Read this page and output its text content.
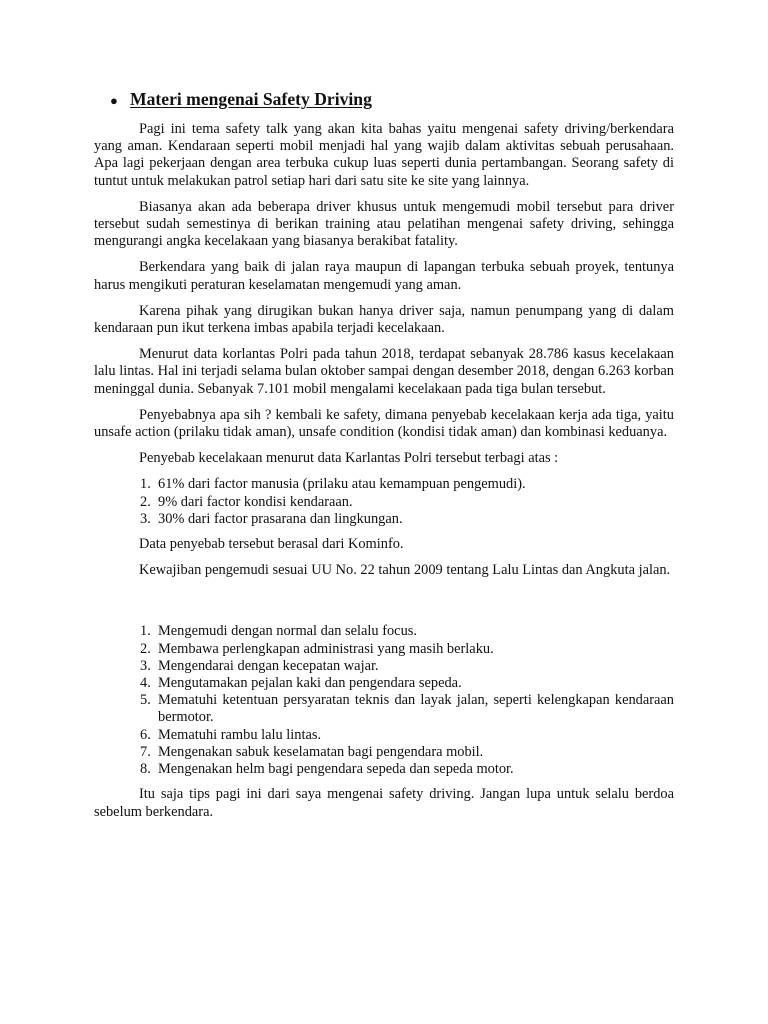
● Materi mengenai Safety Driving

Pagi ini tema safety talk yang akan kita bahas yaitu mengenai safety driving/berkendara yang aman. Kendaraan seperti mobil menjadi hal yang wajib dalam aktivitas sebuah perusahaan. Apa lagi pekerjaan dengan area terbuka cukup luas seperti dunia pertambangan. Seorang safety di tuntut untuk melakukan patrol setiap hari dari satu site ke site yang lainnya.

Biasanya akan ada beberapa driver khusus untuk mengemudi mobil tersebut para driver tersebut sudah semestinya di berikan training atau pelatihan mengenai safety driving, sehingga mengurangi angka kecelakaan yang biasanya berakibat fatality.

Berkendara yang baik di jalan raya maupun di lapangan terbuka sebuah proyek, tentunya harus mengikuti peraturan keselamatan mengemudi yang aman.

Karena pihak yang dirugikan bukan hanya driver saja, namun penumpang yang di dalam kendaraan pun ikut terkena imbas apabila terjadi kecelakaan.

Menurut data korlantas Polri pada tahun 2018, terdapat sebanyak 28.786 kasus kecelakaan lalu lintas. Hal ini terjadi selama bulan oktober sampai dengan desember 2018, dengan 6.263 korban meninggal dunia. Sebanyak 7.101 mobil mengalami kecelakaan pada tiga bulan tersebut.

Penyebabnya apa sih ? kembali ke safety, dimana penyebab kecelakaan kerja ada tiga, yaitu unsafe action (prilaku tidak aman), unsafe condition (kondisi tidak aman) dan kombinasi keduanya.

Penyebab kecelakaan menurut data Karlantas Polri tersebut terbagi atas :

1. 61% dari factor manusia (prilaku atau kemampuan pengemudi).
2. 9% dari factor kondisi kendaraan.
3. 30% dari factor prasarana dan lingkungan.

Data penyebab tersebut berasal dari Kominfo.

Kewajiban pengemudi sesuai UU No. 22 tahun 2009 tentang Lalu Lintas dan Angkuta jalan.

1. Mengemudi dengan normal dan selalu focus.
2. Membawa perlengkapan administrasi yang masih berlaku.
3. Mengendarai dengan kecepatan wajar.
4. Mengutamakan pejalan kaki dan pengendara sepeda.
5. Mematuhi ketentuan persyaratan teknis dan layak jalan, seperti kelengkapan kendaraan bermotor.
6. Mematuhi rambu lalu lintas.
7. Mengenakan sabuk keselamatan bagi pengendara mobil.
8. Mengenakan helm bagi pengendara sepeda dan sepeda motor.

Itu saja tips pagi ini dari saya mengenai safety driving. Jangan lupa untuk selalu berdoa sebelum berkendara.
